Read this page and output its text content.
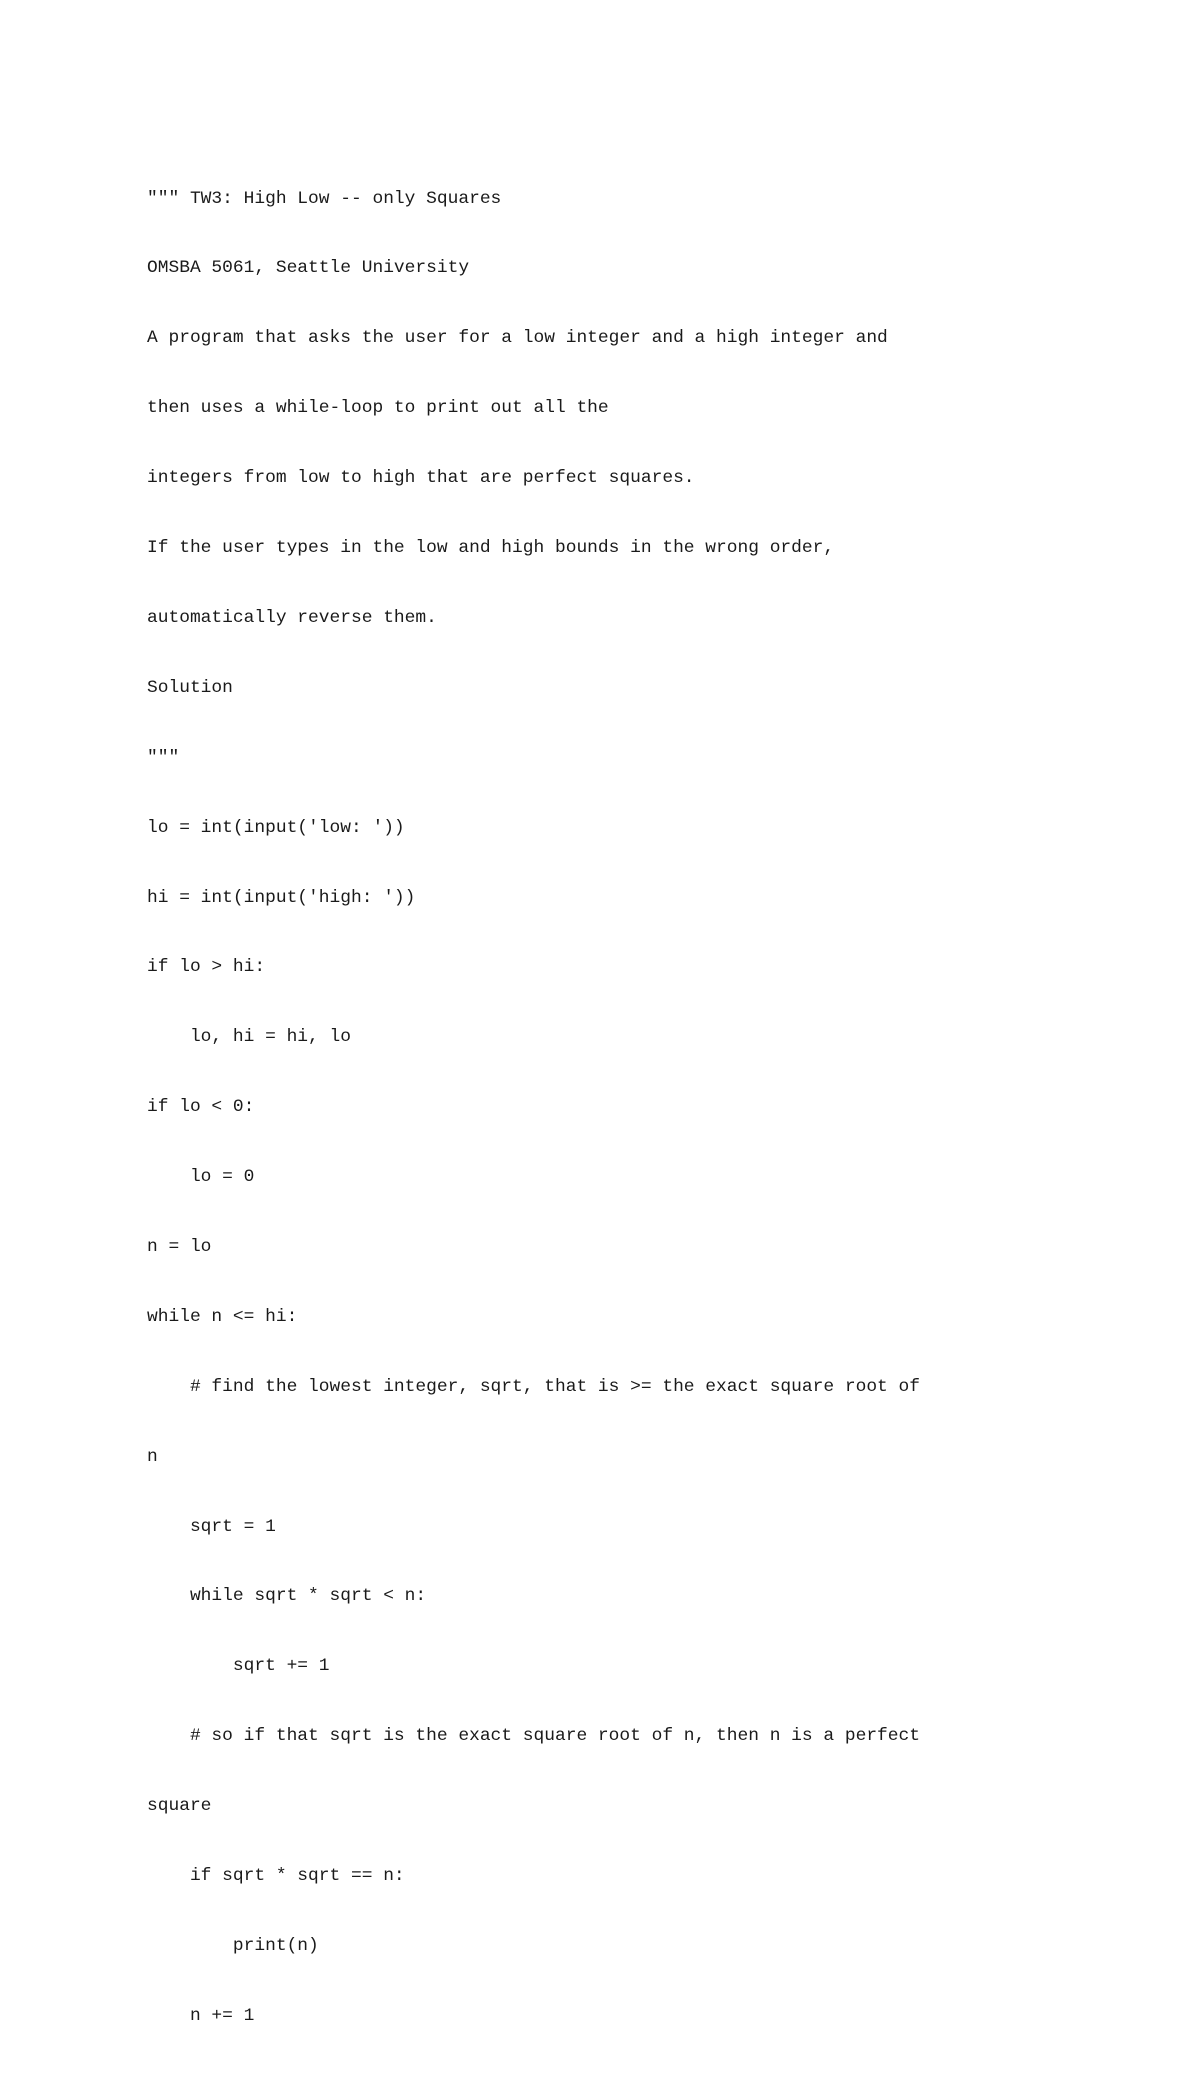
""" TW3: High Low -- only Squares

OMSBA 5061, Seattle University

A program that asks the user for a low integer and a high integer and

then uses a while-loop to print out all the

integers from low to high that are perfect squares.

If the user types in the low and high bounds in the wrong order,

automatically reverse them.

Solution

"""

lo = int(input('low: '))

hi = int(input('high: '))

if lo > hi:

lo, hi = hi, lo

if lo < 0:

lo = 0

n = lo

while n <= hi:

# find the lowest integer, sqrt, that is >= the exact square root of

n

sqrt = 1

while sqrt * sqrt < n:

sqrt += 1

# so if that sqrt is the exact square root of n, then n is a perfect

square

if sqrt * sqrt == n:

print(n)

n += 1
